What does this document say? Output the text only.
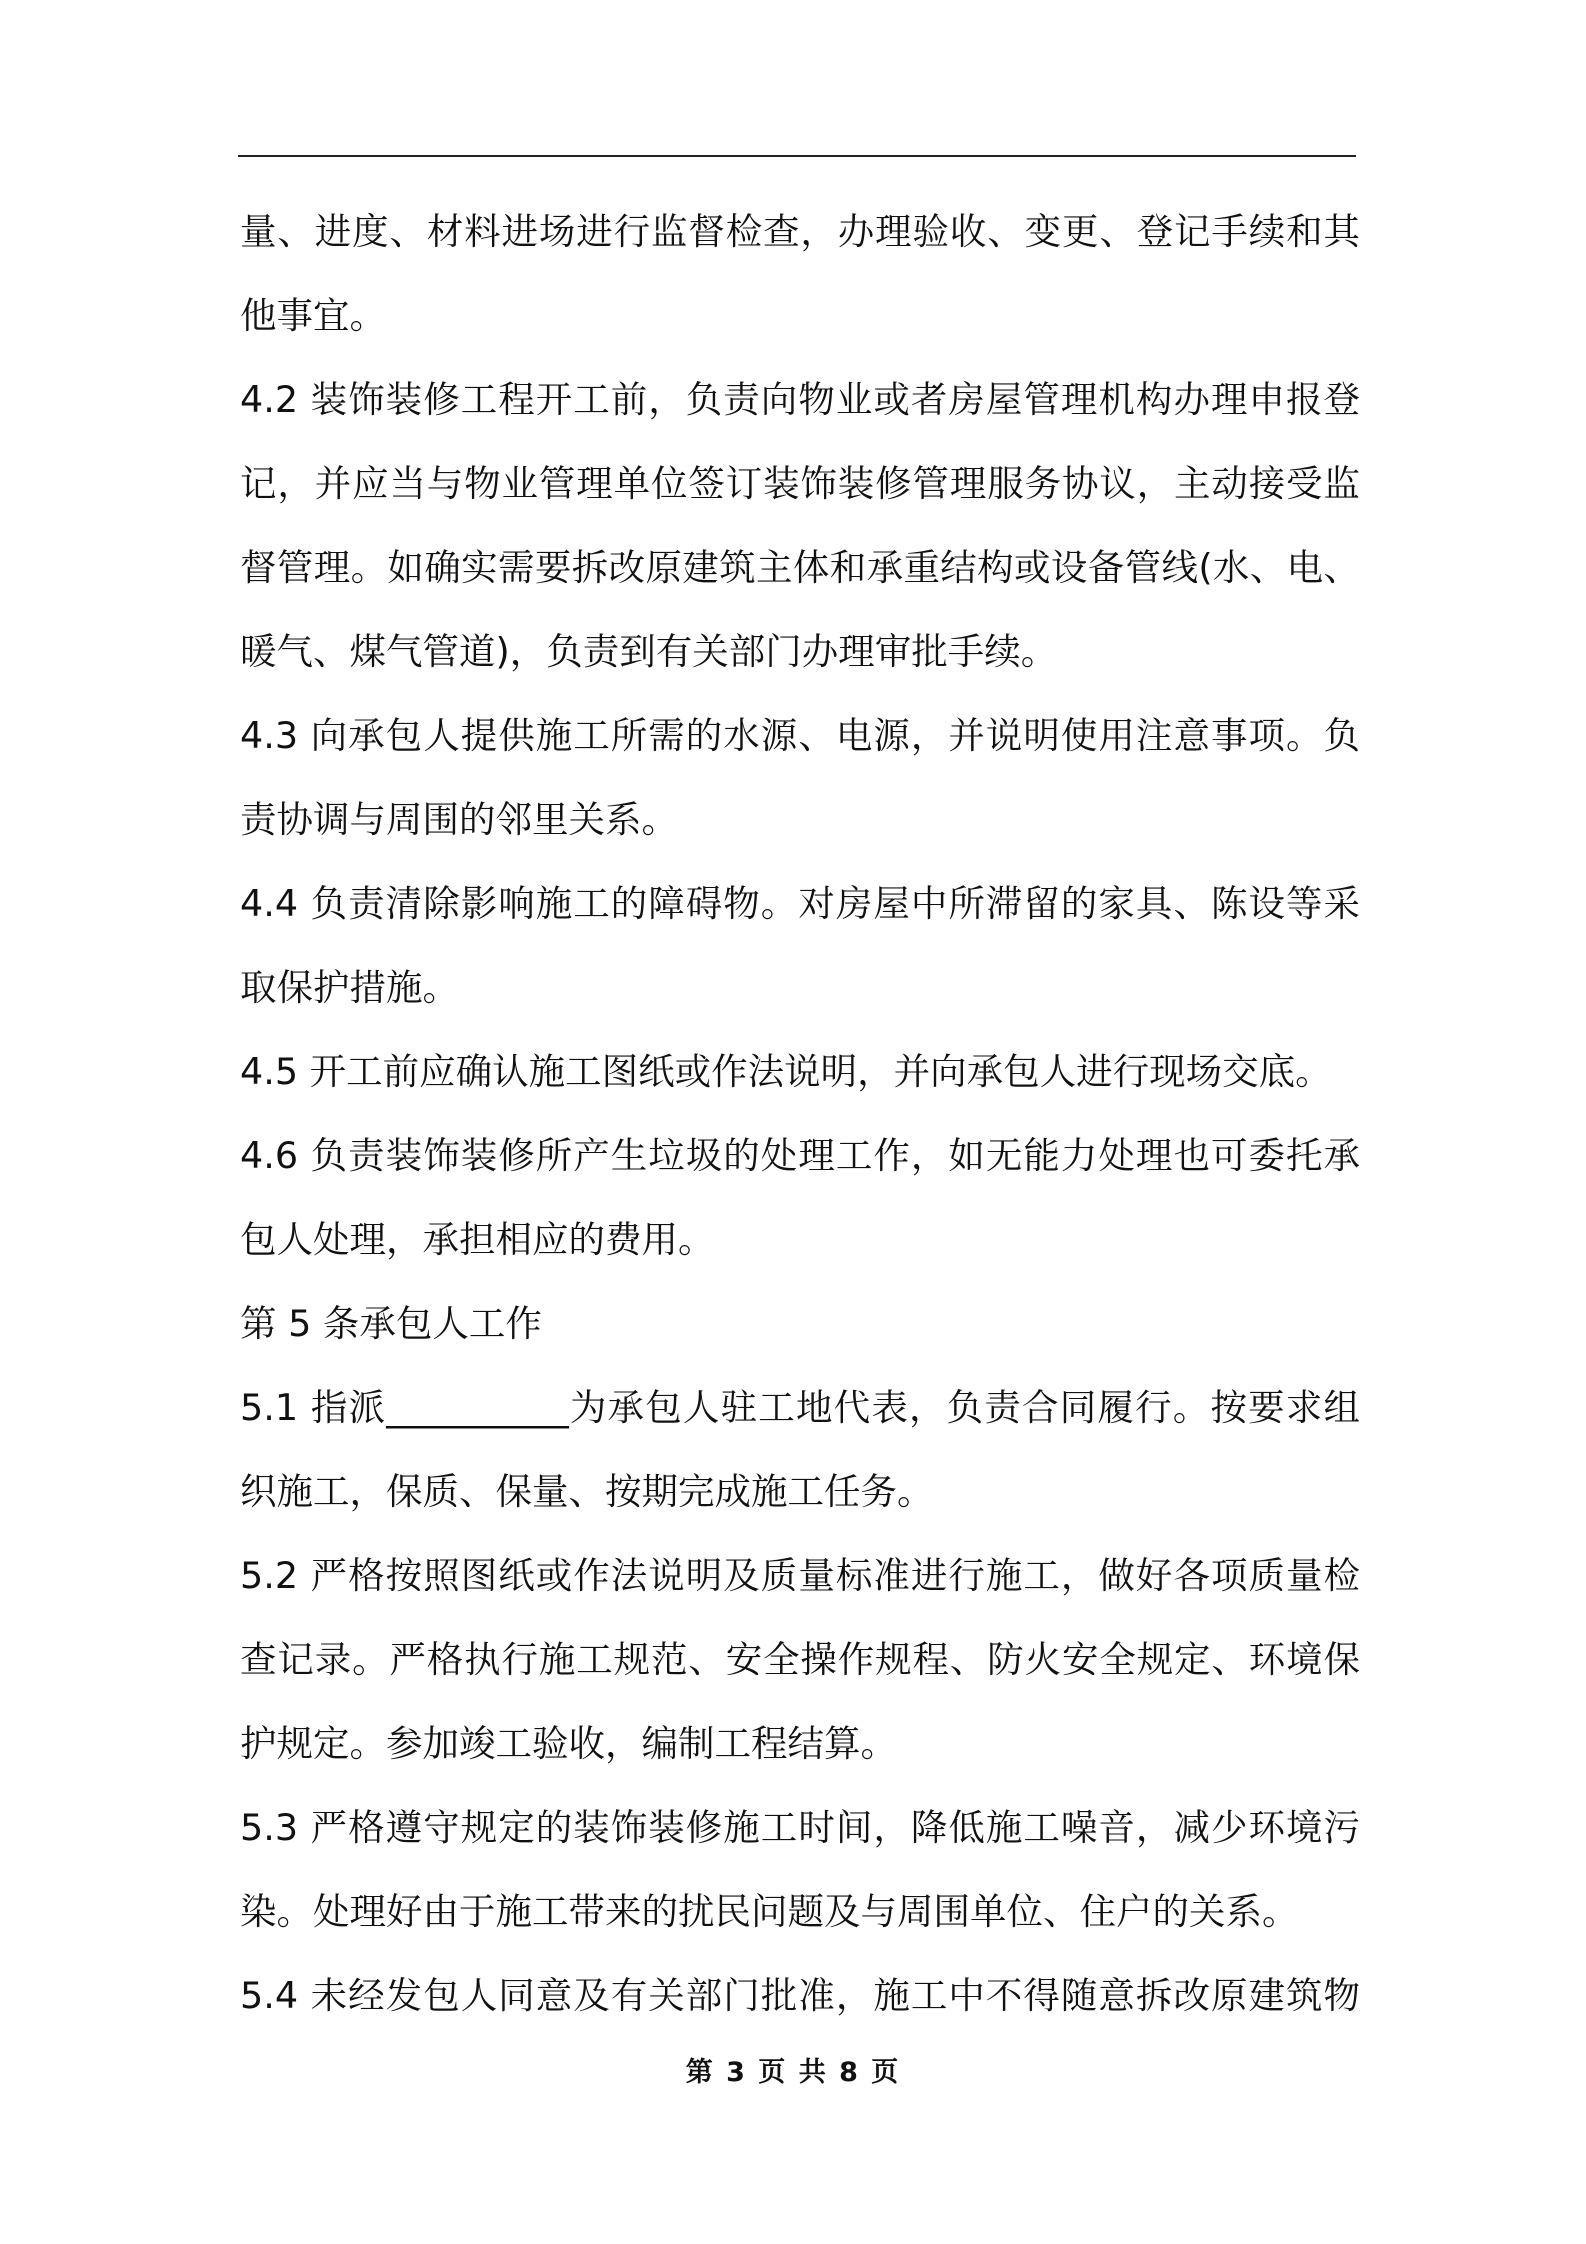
量、进度、材料进场进行监督检查，办理验收、变更、登记手续和其
他事宜。
4.2 装饰装修工程开工前，负责向物业或者房屋管理机构办理申报登
记，并应当与物业管理单位签订装饰装修管理服务协议，主动接受监
督管理。如确实需要拆改原建筑主体和承重结构或设备管线(水、电、
暖气、煤气管道)，负责到有关部门办理审批手续。
4.3 向承包人提供施工所需的水源、电源，并说明使用注意事项。负
责协调与周围的邻里关系。
4.4 负责清除影响施工的障碍物。对房屋中所滞留的家具、陈设等采
取保护措施。
4.5 开工前应确认施工图纸或作法说明，并向承包人进行现场交底。
4.6 负责装饰装修所产生垃圾的处理工作，如无能力处理也可委托承
包人处理，承担相应的费用。
第 5 条承包人工作
5.1 指派__________为承包人驻工地代表，负责合同履行。按要求组
织施工，保质、保量、按期完成施工任务。
5.2 严格按照图纸或作法说明及质量标准进行施工，做好各项质量检
查记录。严格执行施工规范、安全操作规程、防火安全规定、环境保
护规定。参加竣工验收，编制工程结算。
5.3 严格遵守规定的装饰装修施工时间，降低施工噪音，减少环境污
染。处理好由于施工带来的扰民问题及与周围单位、住户的关系。
5.4 未经发包人同意及有关部门批准，施工中不得随意拆改原建筑物
第 3 页 共 8 页
